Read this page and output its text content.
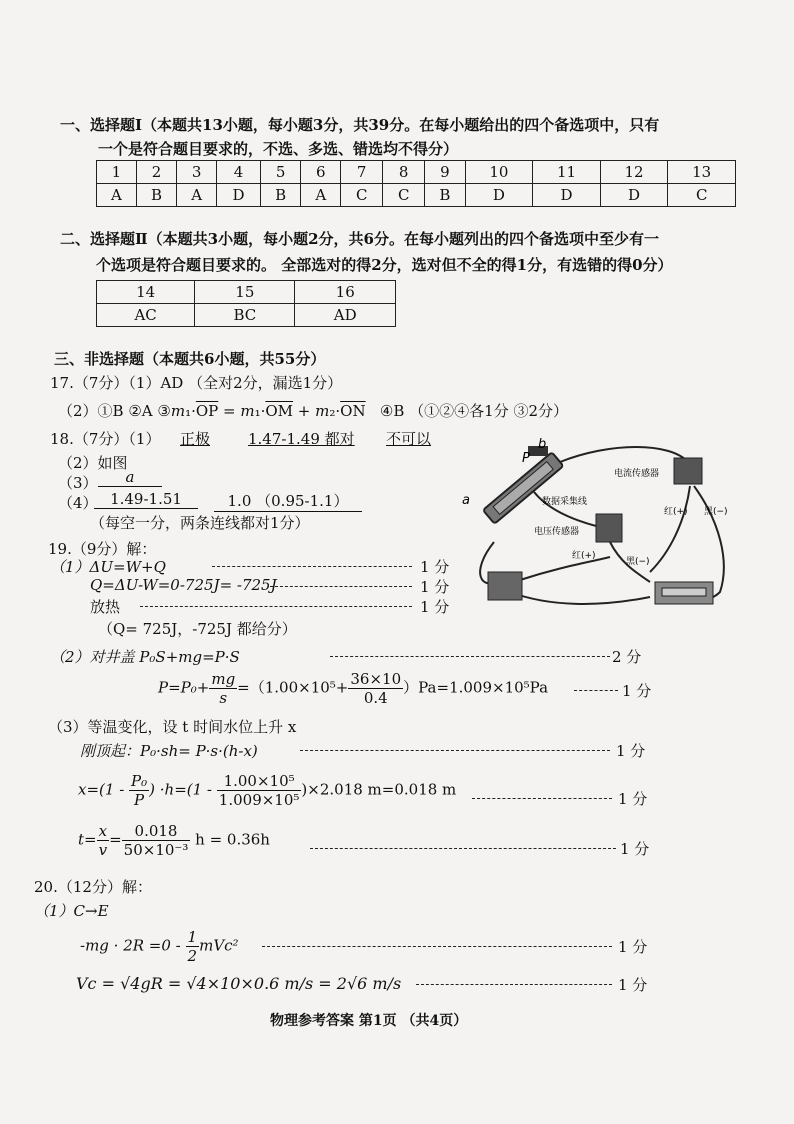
一、选择题Ⅰ（本题共13小题，每小题3分，共39分。在每小题给出的四个备选项中，只有
一个是符合题目要求的，不选、多选、错选均不得分）
1	2	3	4	5	6	7	8	9	10	11	12	13
A	B	A	D	B	A	C	C	B	D	D	D	C
二、选择题Ⅱ（本题共3小题，每小题2分，共6分。在每小题列出的四个备选项中至少有一
个选项是符合题目要求的。 全部选对的得2分，选对但不全的得1分，有选错的得0分）
14	15	16
AC	BC	AD
三、非选择题（本题共6小题，共55分）
17.（7分）（1）AD （全对2分，漏选1分）
（2）①B ②A $③m_1\cdot\overline{OP} = m_1\cdot\overline{OM} + m_2\cdot\overline{ON}$ ④B （①②④各1分 ③2分）
18.（7分）（1） 正极	1.47-1.49 都对 不可以
（2）如图
（3）	a
（4） 1.49-1.51	1.0 （0.95-1.1）
（每空一分，两条连线都对1分）
b
P
a
电流传感器
数据采集线
电压传感器
红(+) 黑(−)
红(+)
黑(−)
19.（9分）解：
（1）ΔU=W+Q	1 分
Q=ΔU-W=0-725J= -725J	1 分
放热	1 分
（Q= 725J，-725J 都给分）
（2）对井盖 P₀S+mg=P·S	2 分
$P=P_0+ \frac{mg}{s} =(1.00\times 10^5+ \frac{36\times 10}{0.4} )Pa=1.009\times 10^5Pa$	1 分
（3）等温变化，设 t 时间水位上升 x
刚顶起：P₀·sh= P·s·(h-x)	1 分
$x=(1 - \frac{\text{P₀}}{P}$ ) $\cdot h=(1 - \frac{\text{1.00×10⁵}}{\text{1.009×10⁵}} )\times 2.018$ m=0.018 m
1 分
$t= \frac{x}{v} = \frac{0.018}{\text{50×10⁻³}}$ h = 0.36h
1 分
20.（12分）解：
（1）C→E
$-mg \cdot 2R =0 - \frac{1}{2} mVc^2$	1 分
Vc = √4gR = √4×10×0.6 m/s = 2√6 m/s	1 分
物理参考答案 第1页 （共4页）
